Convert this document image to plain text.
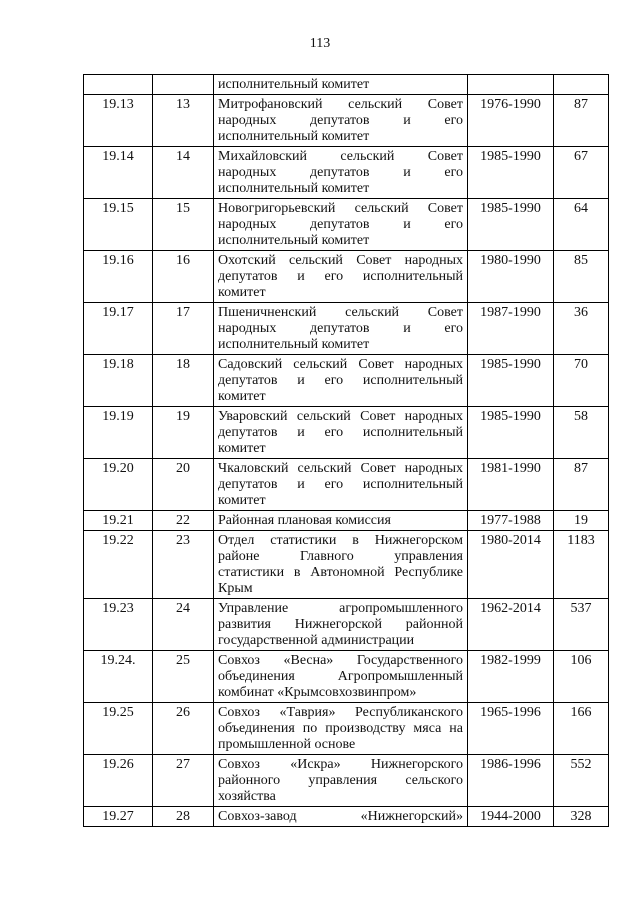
113

		исполнительный комитет		

19.13	13	Митрофановский сельский Совет
народных депутатов и его
исполнительный комитет	1976-1990	87
19.14	14	Михайловский сельский Совет
народных депутатов и его
исполнительный комитет	1985-1990	67
19.15	15	Новогригорьевский сельский Совет
народных депутатов и его
исполнительный комитет	1985-1990	64
19.16	16	Охотский сельский Совет народных
депутатов и его исполнительный
комитет	1980-1990	85
19.17	17	Пшеничненский сельский Совет
народных депутатов и его
исполнительный комитет	1987-1990	36
19.18	18	Садовский сельский Совет народных
депутатов и его исполнительный
комитет	1985-1990	70
19.19	19	Уваровский сельский Совет народных
депутатов и его исполнительный
комитет	1985-1990	58
19.20	20	Чкаловский сельский Совет народных
депутатов и его исполнительный
комитет	1981-1990	87
19.21	22	Районная плановая комиссия	1977-1988	19
19.22	23	Отдел статистики в Нижнегорском
районе Главного управления
статистики в Автономной Республике
Крым	1980-2014	1183
19.23	24	Управление агропромышленного
развития Нижнегорской районной
государственной администрации	1962-2014	537
19.24.	25	Совхоз «Весна» Государственного
объединения Агропромышленный
комбинат «Крымсовхозвинпром»	1982-1999	106
19.25	26	Совхоз «Таврия» Республиканского
объединения по производству мяса на
промышленной основе	1965-1996	166
19.26	27	Совхоз «Искра» Нижнегорского
районного управления сельского
хозяйства	1986-1996	552
19.27	28	Совхоз-завод «Нижнегорский»	1944-2000	328
